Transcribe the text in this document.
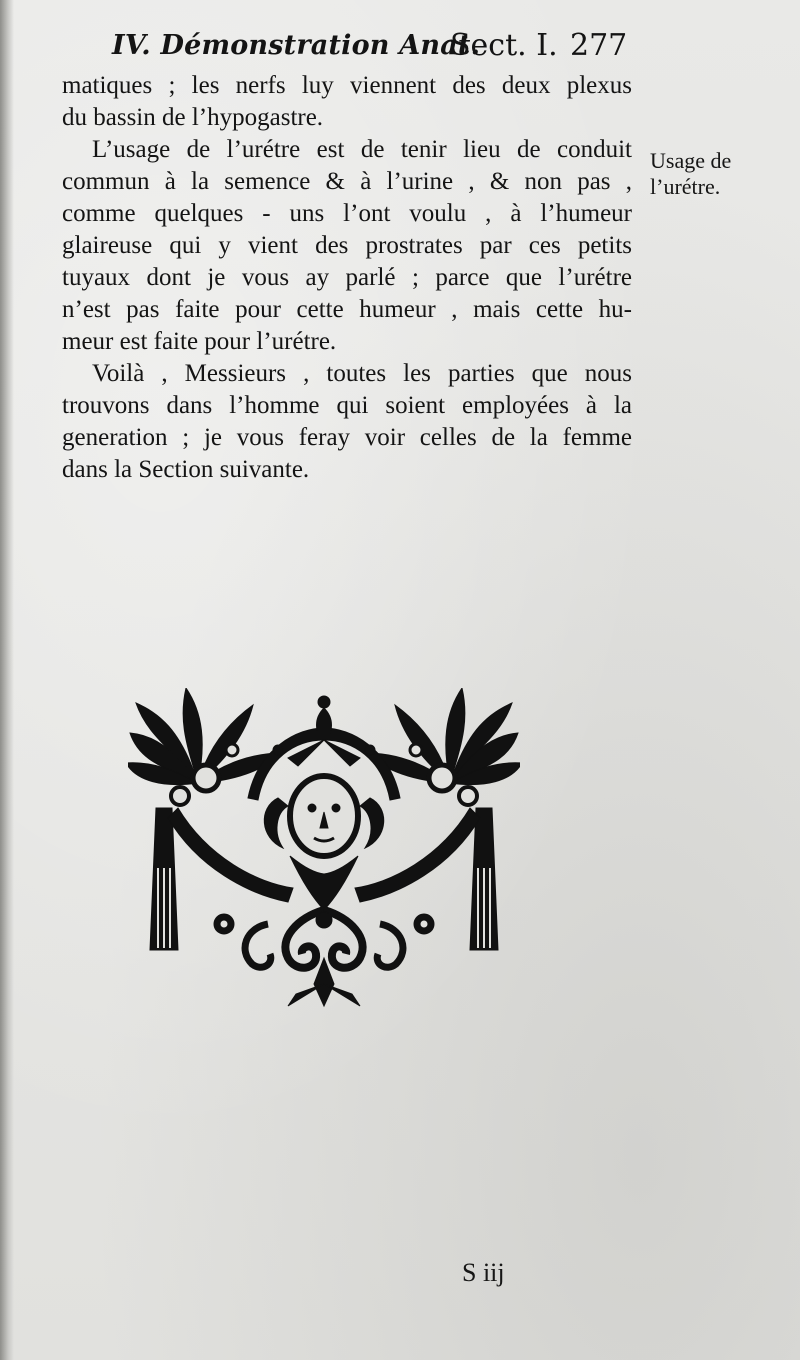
IV. Démonstration Anat.
Sect. I. 277
matiques ; les nerfs luy viennent des deux plexus
du bassin de l’hypogastre.
L’usage de l’urétre est de tenir lieu de conduit
commun à la semence & à l’urine , & non pas ,
comme quelques - uns l’ont voulu , à l’humeur
glaireuse qui y vient des prostrates par ces petits
tuyaux dont je vous ay parlé ; parce que l’urétre
n’est pas faite pour cette humeur , mais cette hu-
meur est faite pour l’urétre.
Voilà , Messieurs , toutes les parties que nous
trouvons dans l’homme qui soient employées à la
generation ; je vous feray voir celles de la femme
dans la Section suivante.
Usage de
l’urétre.
S iij
